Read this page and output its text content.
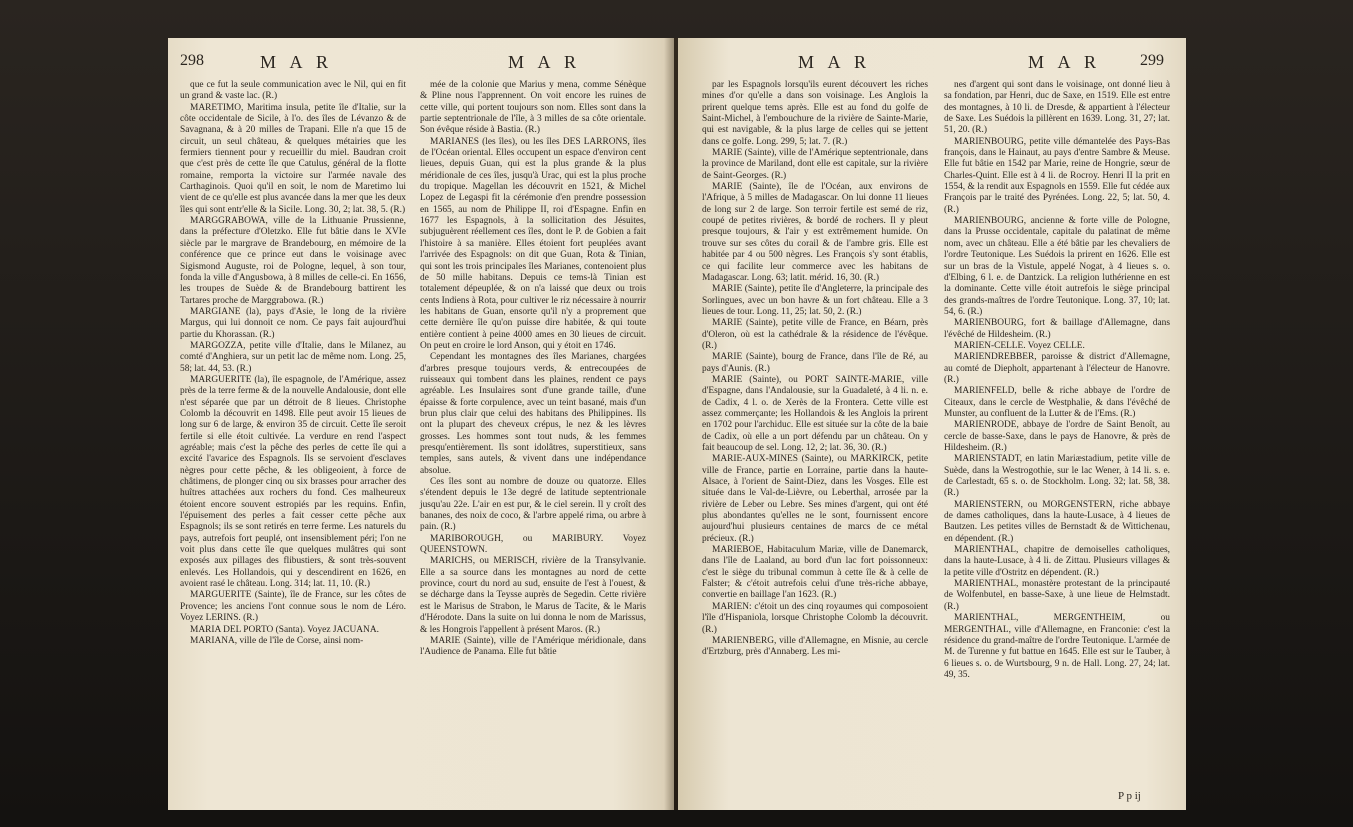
298	M A R	M A R

que ce fut la seule communication avec le Nil, qui en fit un grand & vaste lac. (R.)

MARETIMO, Maritima insula, petite île d'Italie, sur la côte occidentale de Sicile, à l'o. des îles de Lévanzo & de Savagnana, & à 20 milles de Trapani. Elle n'a que 15 de circuit, un seul château, & quelques métairies que les fermiers tiennent pour y recueillir du miel. Baudran croit que c'est près de cette île que Catulus, général de la flotte romaine, remporta la victoire sur l'armée navale des Carthaginois. Quoi qu'il en soit, le nom de Maretimo lui vient de ce qu'elle est plus avancée dans la mer que les deux îles qui sont entr'elle & la Sicile. Long. 30, 2; lat. 38, 5. (R.)

MARGGRABOWA, ville de la Lithuanie Prussienne, dans la préfecture d'Oletzko. Elle fut bâtie dans le XVIe siècle par le margrave de Brandebourg, en mémoire de la conférence que ce prince eut dans le voisinage avec Sigismond Auguste, roi de Pologne, lequel, à son tour, fonda la ville d'Angusbowa, à 8 milles de celle-ci. En 1656, les troupes de Suède & de Brandebourg battirent les Tartares proche de Marggrabowa. (R.)

MARGIANE (la), pays d'Asie, le long de la rivière Margus, qui lui donnoit ce nom. Ce pays fait aujourd'hui partie du Khorassan. (R.)

MARGOZZA, petite ville d'Italie, dans le Milanez, au comté d'Anghiera, sur un petit lac de même nom. Long. 25, 58; lat. 44, 53. (R.)

MARGUERITE (la), île espagnole, de l'Amérique, assez près de la terre ferme & de la nouvelle Andalousie, dont elle n'est séparée que par un détroit de 8 lieues. Christophe Colomb la découvrit en 1498. Elle peut avoir 15 lieues de long sur 6 de large, & environ 35 de circuit. Cette île seroit fertile si elle étoit cultivée. La verdure en rend l'aspect agréable; mais c'est la pêche des perles de cette île qui a excité l'avarice des Espagnols. Ils se servoient d'esclaves nègres pour cette pêche, & les obligeoient, à force de châtimens, de plonger cinq ou six brasses pour arracher des huîtres attachées aux rochers du fond. Ces malheureux étoient encore souvent estropiés par les requins. Enfin, l'épuisement des perles a fait cesser cette pêche aux Espagnols; ils se sont retirés en terre ferme. Les naturels du pays, autrefois fort peuplé, ont insensiblement péri; l'on ne voit plus dans cette île que quelques mulâtres qui sont exposés aux pillages des flibustiers, & sont très-souvent enlevés. Les Hollandois, qui y descendirent en 1626, en avoient rasé le château. Long. 314; lat. 11, 10. (R.)

MARGUERITE (Sainte), île de France, sur les côtes de Provence; les anciens l'ont connue sous le nom de Léro. Voyez LERINS. (R.)

MARIA DEL PORTO (Santa). Voyez JACUANA.

MARIANA, ville de l'île de Corse, ainsi nom-

mée de la colonie que Marius y mena, comme Sénèque & Pline nous l'apprennent. On voit encore les ruines de cette ville, qui portent toujours son nom. Elles sont dans la partie septentrionale de l'île, à 3 milles de sa côte orientale. Son évêque réside à Bastia. (R.)

MARIANES (les îles), ou les îles DES LARRONS, îles de l'Océan oriental. Elles occupent un espace d'environ cent lieues, depuis Guan, qui est la plus grande & la plus méridionale de ces îles, jusqu'à Urac, qui est la plus proche du tropique. Magellan les découvrit en 1521, & Michel Lopez de Legaspi fit la cérémonie d'en prendre possession en 1565, au nom de Philippe II, roi d'Espagne. Enfin en 1677 les Espagnols, à la sollicitation des Jésuites, subjuguèrent réellement ces îles, dont le P. de Gobien a fait l'histoire à sa manière. Elles étoient fort peuplées avant l'arrivée des Espagnols: on dit que Guan, Rota & Tinian, qui sont les trois principales îles Marianes, contenoient plus de 50 mille habitans. Depuis ce tems-là Tinian est totalement dépeuplée, & on n'a laissé que deux ou trois cents Indiens à Rota, pour cultiver le riz nécessaire à nourrir les habitans de Guan, ensorte qu'il n'y a proprement que cette dernière île qu'on puisse dire habitée, & qui toute entière contient à peine 4000 ames en 30 lieues de circuit. On peut en croire le lord Anson, qui y étoit en 1746.

Cependant les montagnes des îles Marianes, chargées d'arbres presque toujours verds, & entrecoupées de ruisseaux qui tombent dans les plaines, rendent ce pays agréable. Les Insulaires sont d'une grande taille, d'une épaisse & forte corpulence, avec un teint basané, mais d'un brun plus clair que celui des habitans des Philippines. Ils ont la plupart des cheveux crépus, le nez & les lèvres grosses. Les hommes sont tout nuds, & les femmes presqu'entièrement. Ils sont idolâtres, superstitieux, sans temples, sans autels, & vivent dans une indépendance absolue.

Ces îles sont au nombre de douze ou quatorze. Elles s'étendent depuis le 13e degré de latitude septentrionale jusqu'au 22e. L'air en est pur, & le ciel serein. Il y croît des bananes, des noix de coco, & l'arbre appelé rima, ou arbre à pain. (R.)

MARIBOROUGH, ou MARIBURY. Voyez QUEENSTOWN.

MARICHS, ou MERISCH, rivière de la Transylvanie. Elle a sa source dans les montagnes au nord de cette province, court du nord au sud, ensuite de l'est à l'ouest, & se décharge dans la Teysse auprès de Segedin. Cette rivière est le Marisus de Strabon, le Marus de Tacite, & le Maris d'Hérodote. Dans la suite on lui donna le nom de Marissus, & les Hongrois l'appellent à présent Maros. (R.)

MARIE (Sainte), ville de l'Amérique méridionale, dans l'Audience de Panama. Elle fut bâtie

M A R	M A R 299

par les Espagnols lorsqu'ils eurent découvert les riches mines d'or qu'elle a dans son voisinage. Les Anglois la prirent quelque tems après. Elle est au fond du golfe de Saint-Michel, à l'embouchure de la rivière de Sainte-Marie, qui est navigable, & la plus large de celles qui se jettent dans ce golfe. Long. 299, 5; lat. 7. (R.)

MARIE (Sainte), ville de l'Amérique septentrionale, dans la province de Mariland, dont elle est capitale, sur la rivière de Saint-Georges. (R.)

MARIE (Sainte), île de l'Océan, aux environs de l'Afrique, à 5 milles de Madagascar. On lui donne 11 lieues de long sur 2 de large. Son terroir fertile est semé de riz, coupé de petites rivières, & bordé de rochers. Il y pleut presque toujours, & l'air y est extrêmement humide. On trouve sur ses côtes du corail & de l'ambre gris. Elle est habitée par 4 ou 500 nègres. Les François s'y sont établis, ce qui facilite leur commerce avec les habitans de Madagascar. Long. 63; latit. mérid. 16, 30. (R.)

MARIE (Sainte), petite île d'Angleterre, la principale des Sorlingues, avec un bon havre & un fort château. Elle a 3 lieues de tour. Long. 11, 25; lat. 50, 2. (R.)

MARIE (Sainte), petite ville de France, en Béarn, près d'Oleron, où est la cathédrale & la résidence de l'évêque. (R.)

MARIE (Sainte), bourg de France, dans l'île de Ré, au pays d'Aunis. (R.)

MARIE (Sainte), ou PORT SAINTE-MARIE, ville d'Espagne, dans l'Andalousie, sur la Guadaleté, à 4 li. n. e. de Cadix, 4 l. o. de Xerès de la Frontera. Cette ville est assez commerçante; les Hollandois & les Anglois la prirent en 1702 pour l'archiduc. Elle est située sur la côte de la baie de Cadix, où elle a un port défendu par un château. On y fait beaucoup de sel. Long. 12, 2; lat. 36, 30. (R.)

MARIE-AUX-MINES (Sainte), ou MARKIRCK, petite ville de France, partie en Lorraine, partie dans la haute-Alsace, à l'orient de Saint-Diez, dans les Vosges. Elle est située dans le Val-de-Lièvre, ou Leberthal, arrosée par la rivière de Leber ou Lebre. Ses mines d'argent, qui ont été plus abondantes qu'elles ne le sont, fournissent encore aujourd'hui plusieurs centaines de marcs de ce métal précieux. (R.)

MARIEBOE, Habitaculum Mariæ, ville de Danemarck, dans l'île de Laaland, au bord d'un lac fort poissonneux: c'est le siège du tribunal commun à cette île & à celle de Falster; & c'étoit autrefois celui d'une très-riche abbaye, convertie en baillage l'an 1623. (R.)

MARIEN: c'étoit un des cinq royaumes qui composoient l'île d'Hispaniola, lorsque Christophe Colomb la découvrit. (R.)

MARIENBERG, ville d'Allemagne, en Misnie, au cercle d'Ertzburg, près d'Annaberg. Les mi-

nes d'argent qui sont dans le voisinage, ont donné lieu à sa fondation, par Henri, duc de Saxe, en 1519. Elle est entre des montagnes, à 10 li. de Dresde, & appartient à l'électeur de Saxe. Les Suédois la pillèrent en 1639. Long. 31, 27; lat. 51, 20. (R.)

MARIENBOURG, petite ville démantelée des Pays-Bas françois, dans le Hainaut, au pays d'entre Sambre & Meuse. Elle fut bâtie en 1542 par Marie, reine de Hongrie, sœur de Charles-Quint. Elle est à 4 li. de Rocroy. Henri II la prit en 1554, & la rendit aux Espagnols en 1559. Elle fut cédée aux François par le traité des Pyrénées. Long. 22, 5; lat. 50, 4. (R.)

MARIENBOURG, ancienne & forte ville de Pologne, dans la Prusse occidentale, capitale du palatinat de même nom, avec un château. Elle a été bâtie par les chevaliers de l'ordre Teutonique. Les Suédois la prirent en 1626. Elle est sur un bras de la Vistule, appelé Nogat, à 4 lieues s. o. d'Elbing, 6 l. e. de Dantzick. La religion luthérienne en est la dominante. Cette ville étoit autrefois le siège principal des grands-maîtres de l'ordre Teutonique. Long. 37, 10; lat. 54, 6. (R.)

MARIENBOURG, fort & baillage d'Allemagne, dans l'évêché de Hildesheim. (R.)

MARIEN-CELLE. Voyez CELLE.

MARIENDREBBER, paroisse & district d'Allemagne, au comté de Diepholt, appartenant à l'électeur de Hanovre. (R.)

MARIENFELD, belle & riche abbaye de l'ordre de Citeaux, dans le cercle de Westphalie, & dans l'évêché de Munster, au confluent de la Lutter & de l'Ems. (R.)

MARIENRODE, abbaye de l'ordre de Saint Benoît, au cercle de basse-Saxe, dans le pays de Hanovre, & près de Hildesheim. (R.)

MARIENSTADT, en latin Mariæstadium, petite ville de Suède, dans la Westrogothie, sur le lac Wener, à 14 li. s. e. de Carlestadt, 65 s. o. de Stockholm. Long. 32; lat. 58, 38. (R.)

MARIENSTERN, ou MORGENSTERN, riche abbaye de dames catholiques, dans la haute-Lusace, à 4 lieues de Bautzen. Les petites villes de Bernstadt & de Wittichenau, en dépendent. (R.)

MARIENTHAL, chapitre de demoiselles catholiques, dans la haute-Lusace, à 4 li. de Zittau. Plusieurs villages & la petite ville d'Ostritz en dépendent. (R.)

MARIENTHAL, monastère protestant de la principauté de Wolfenbutel, en basse-Saxe, à une lieue de Helmstadt. (R.)

MARIENTHAL, MERGENTHEIM, ou MERGENTHAL, ville d'Allemagne, en Franconie: c'est la résidence du grand-maître de l'ordre Teutonique. L'armée de M. de Turenne y fut battue en 1645. Elle est sur le Tauber, à 6 lieues s. o. de Wurtsbourg, 9 n. de Hall. Long. 27, 24; lat. 49, 35.

P p ij
